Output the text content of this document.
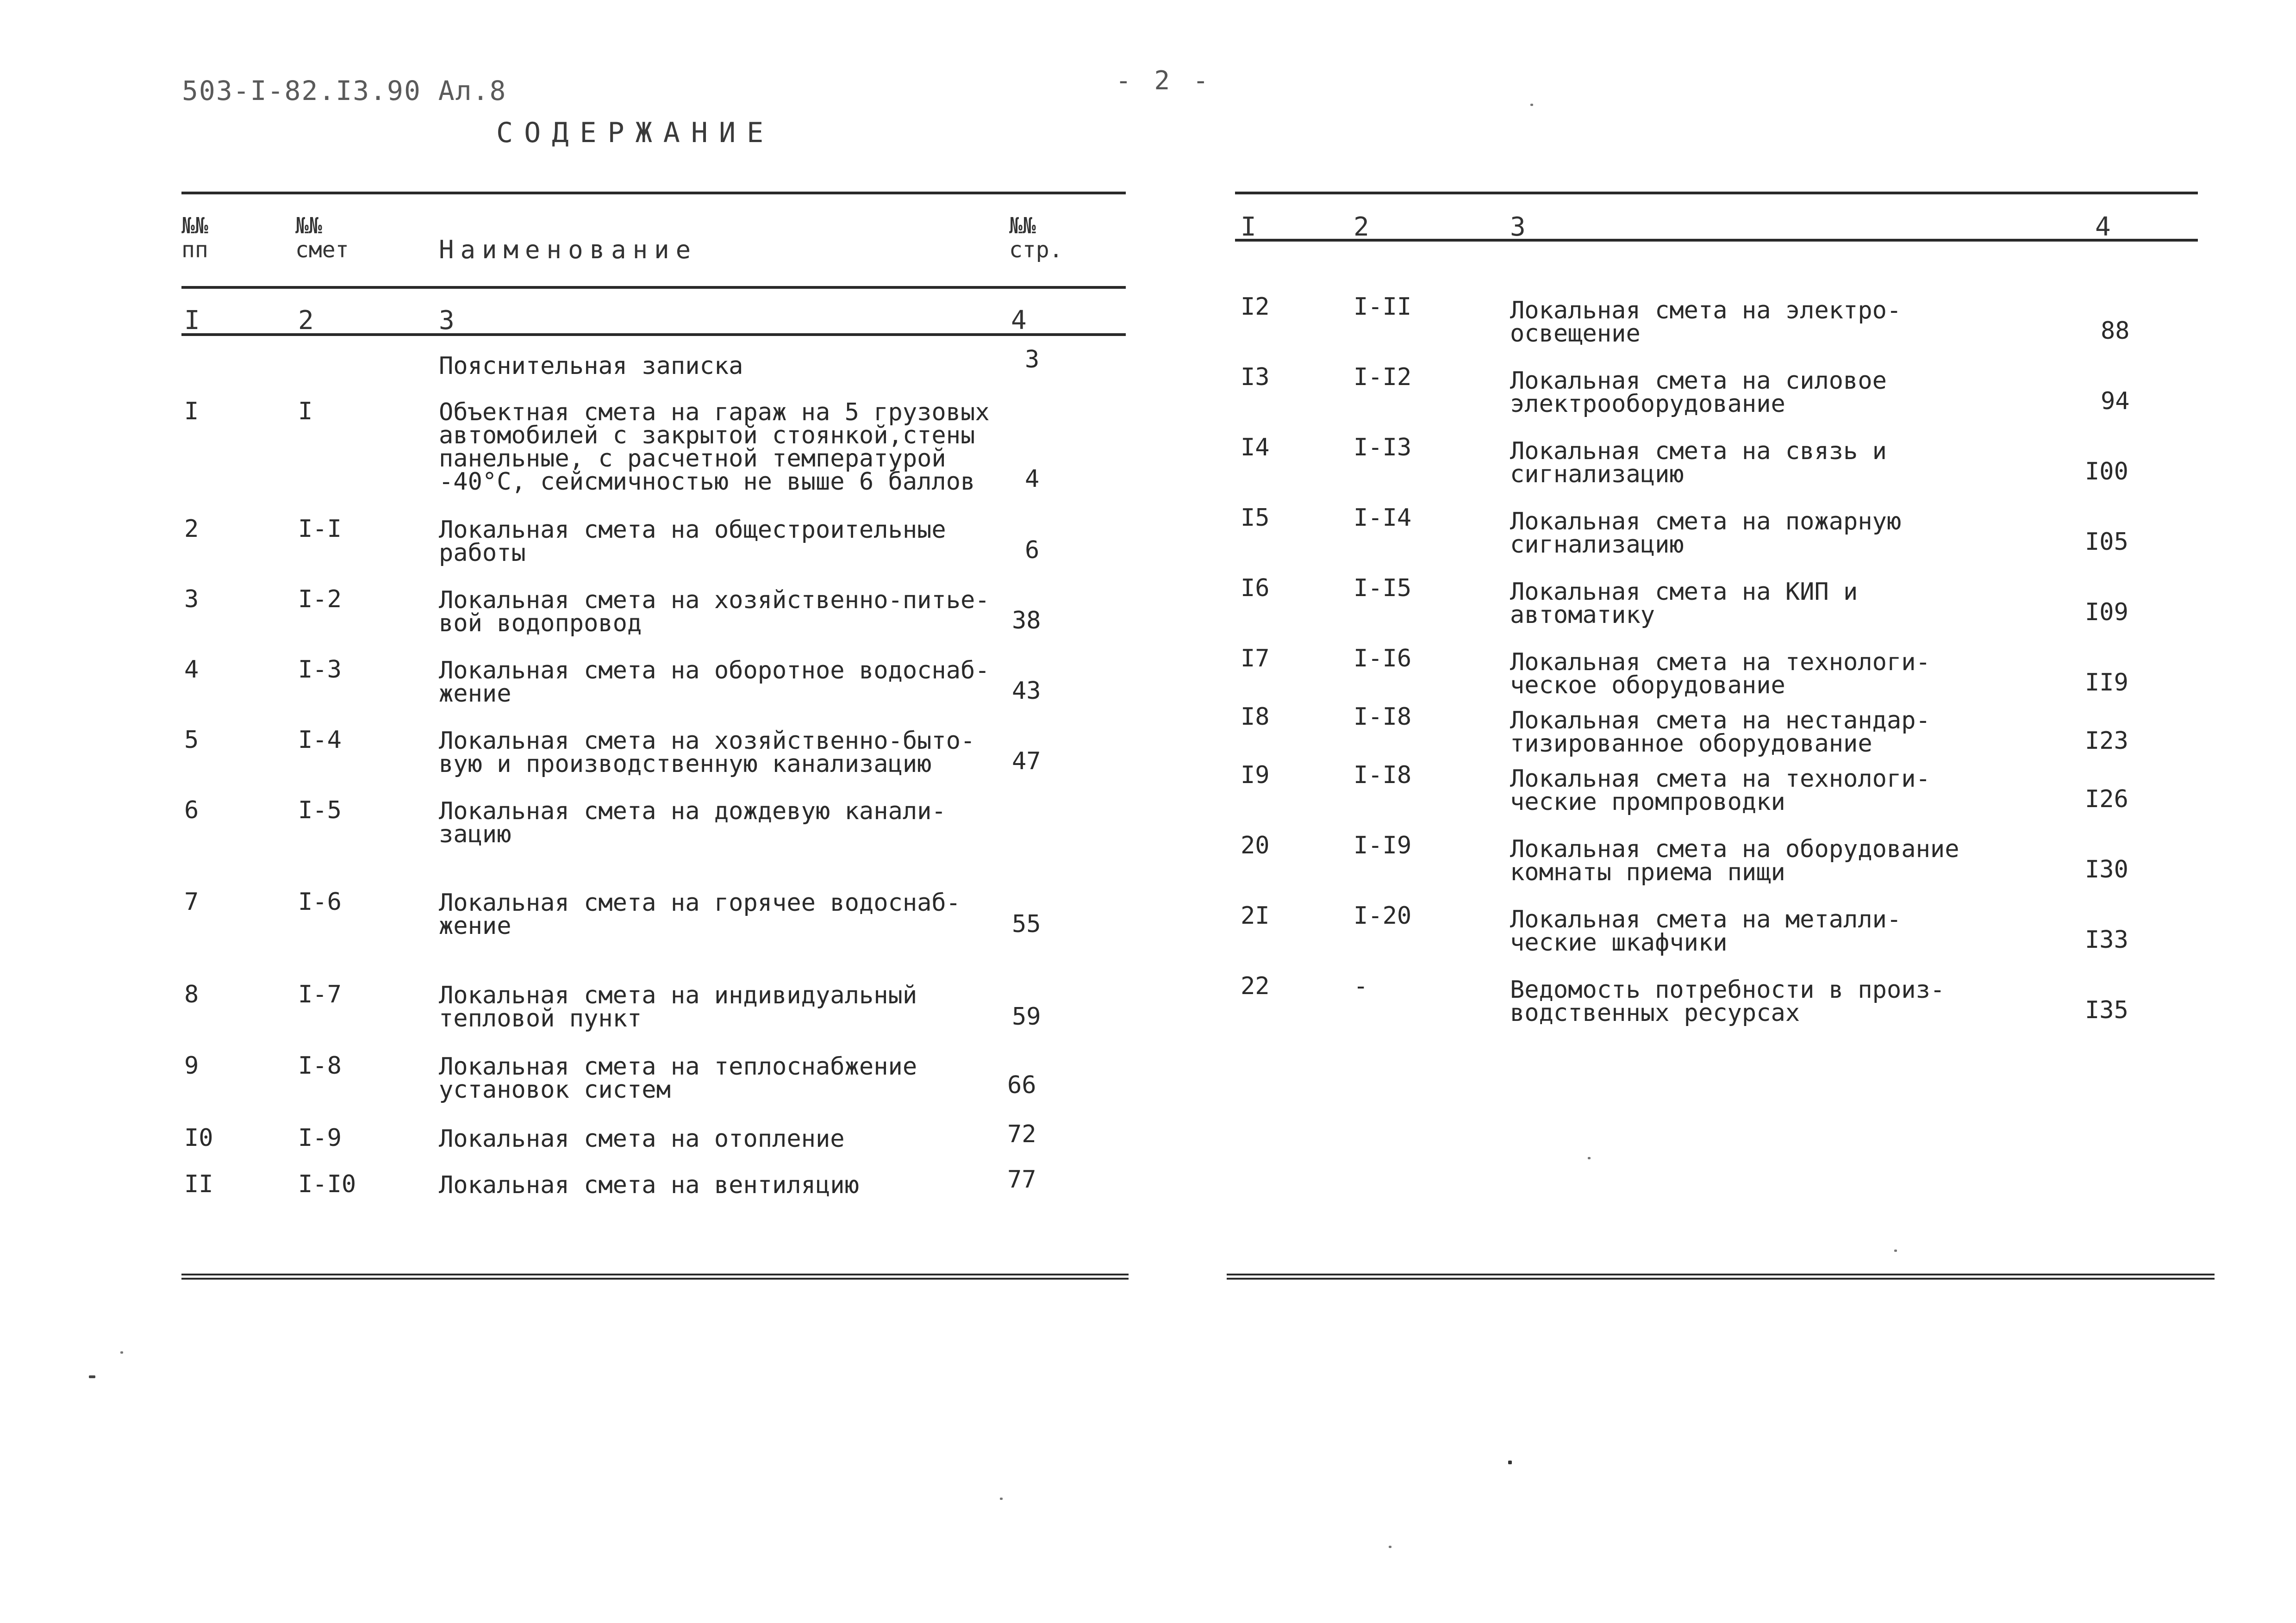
503-I-82.I3.90 Ал.8	- 2 -
СОДЕРЖАНИЕ
№№
пп
№№
смет	Наименование
№№
стр.
I	2	3	4
Пояснительная записка	3
I	I	Объектная смета на гараж на 5 грузовых
автомобилей с закрытой стоянкой,стены
панельные, с расчетной температурой
-40°С, сейсмичностью не выше 6 баллов	4
2	I-I	Локальная смета на общестроительные
работы	6
3	I-2	Локальная смета на хозяйственно-питье-
вой водопровод	38
4	I-3	Локальная смета на оборотное водоснаб-
жение	43
5	I-4	Локальная смета на хозяйственно-быто-
вую и производственную канализацию	47
6	I-5	Локальная смета на дождевую канали-
зацию
7	I-6	Локальная смета на горячее водоснаб-
жение	55
8	I-7	Локальная смета на индивидуальный
тепловой пункт	59
9	I-8	Локальная смета на теплоснабжение
установок систем	66
I0	I-9	Локальная смета на отопление	72
II	I-I0	Локальная смета на вентиляцию	77
I	2	3	4
I2	I-II	Локальная смета на электро-
освещение	88
I3	I-I2	Локальная смета на силовое
электрооборудование	94
I4	I-I3	Локальная смета на связь и
сигнализацию	I00
I5	I-I4	Локальная смета на пожарную
сигнализацию	I05
I6	I-I5	Локальная смета на КИП и
автоматику	I09
I7	I-I6	Локальная смета на технологи-
ческое оборудование	II9
I8	I-I8	Локальная смета на нестандар-
тизированное оборудование	I23
I9	I-I8	Локальная смета на технологи-
ческие промпроводки	I26
20	I-I9	Локальная смета на оборудование
комнаты приема пищи	I30
2I	I-20	Локальная смета на металли-
ческие шкафчики	I33
22	-	Ведомость потребности в произ-
водственных ресурсах	I35
